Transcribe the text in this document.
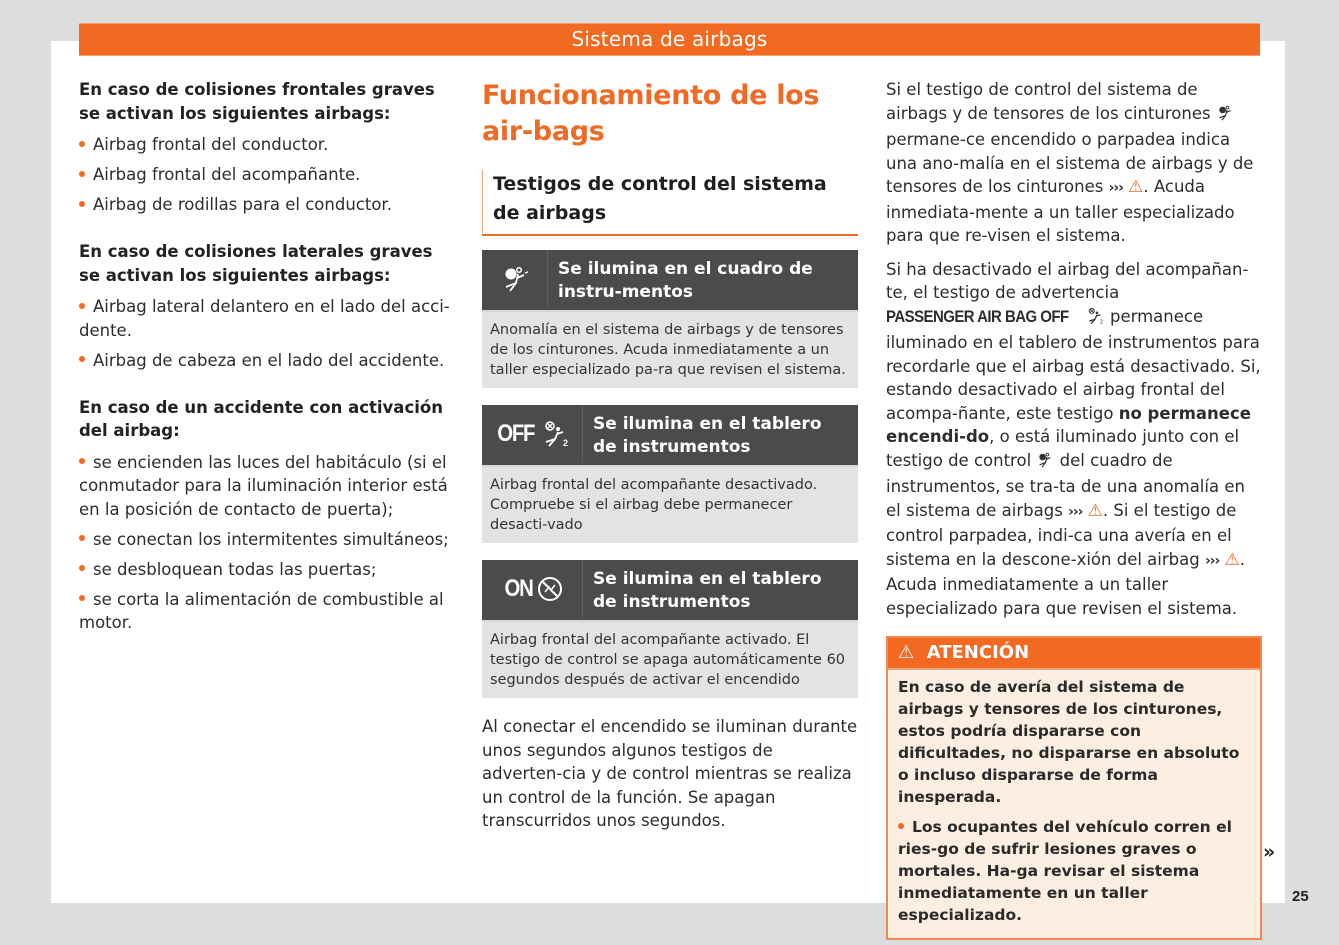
Sistema de airbags
En caso de colisiones frontales graves se activan los siguientes airbags:
Airbag frontal del conductor.
Airbag frontal del acompañante.
Airbag de rodillas para el conductor.
En caso de colisiones laterales graves se activan los siguientes airbags:
Airbag lateral delantero en el lado del acci-dente.
Airbag de cabeza en el lado del accidente.
En caso de un accidente con activación del airbag:
se encienden las luces del habitáculo (si el conmutador para la iluminación interior está en la posición de contacto de puerta);
se conectan los intermitentes simultáneos;
se desbloquean todas las puertas;
se corta la alimentación de combustible al motor.
Funcionamiento de los air-bags
Testigos de control del sistema de airbags
Se ilumina en el cuadro de instru-mentos
Anomalía en el sistema de airbags y de tensores de los cinturones. Acuda inmediatamente a un taller especializado pa-ra que revisen el sistema.
OFF	2
Se ilumina en el tablero de instrumentos
Airbag frontal del acompañante desactivado. Compruebe si el airbag debe permanecer desacti-vado
ON	Se ilumina en el tablero de instrumentos
Airbag frontal del acompañante activado. El testigo de control se apaga automáticamente 60 segundos después de activar el encendido
Al conectar el encendido se iluminan durante unos segundos algunos testigos de adverten-cia y de control mientras se realiza un control de la función. Se apagan transcurridos unos segundos.
Si el testigo de control del sistema de airbags y de tensores de los cinturones  permane-ce encendido o parpadea indica una ano-malía en el sistema de airbags y de tensores de los cinturones ››› ⚠. Acuda inmediata-mente a un taller especializado para que re-visen el sistema.
Si ha desactivado el airbag del acompañan-te, el testigo de advertencia
PASSENGER AIR BAG OFF	2 permanece iluminado en el tablero de instrumentos para recordarle que el airbag está desactivado. Si, estando desactivado el airbag frontal del acompa-ñante, este testigo no permanece encendi-do, o está iluminado junto con el testigo de control del cuadro de instrumentos, se tra-ta de una anomalía en el sistema de airbags ››› ⚠. Si el testigo de control parpadea, indi-ca una avería en el sistema en la descone-xión del airbag ››› ⚠. Acuda inmediatamente a un taller especializado para que revisen el sistema.
⚠ ATENCIÓN

En caso de avería del sistema de airbags y tensores de los cinturones, estos podría dispararse con dificultades, no dispararse en absoluto o incluso dispararse de forma inesperada.

Los ocupantes del vehículo corren el ries-go de sufrir lesiones graves o mortales. Ha-ga revisar el sistema inmediatamente en un taller especializado.

»
25
